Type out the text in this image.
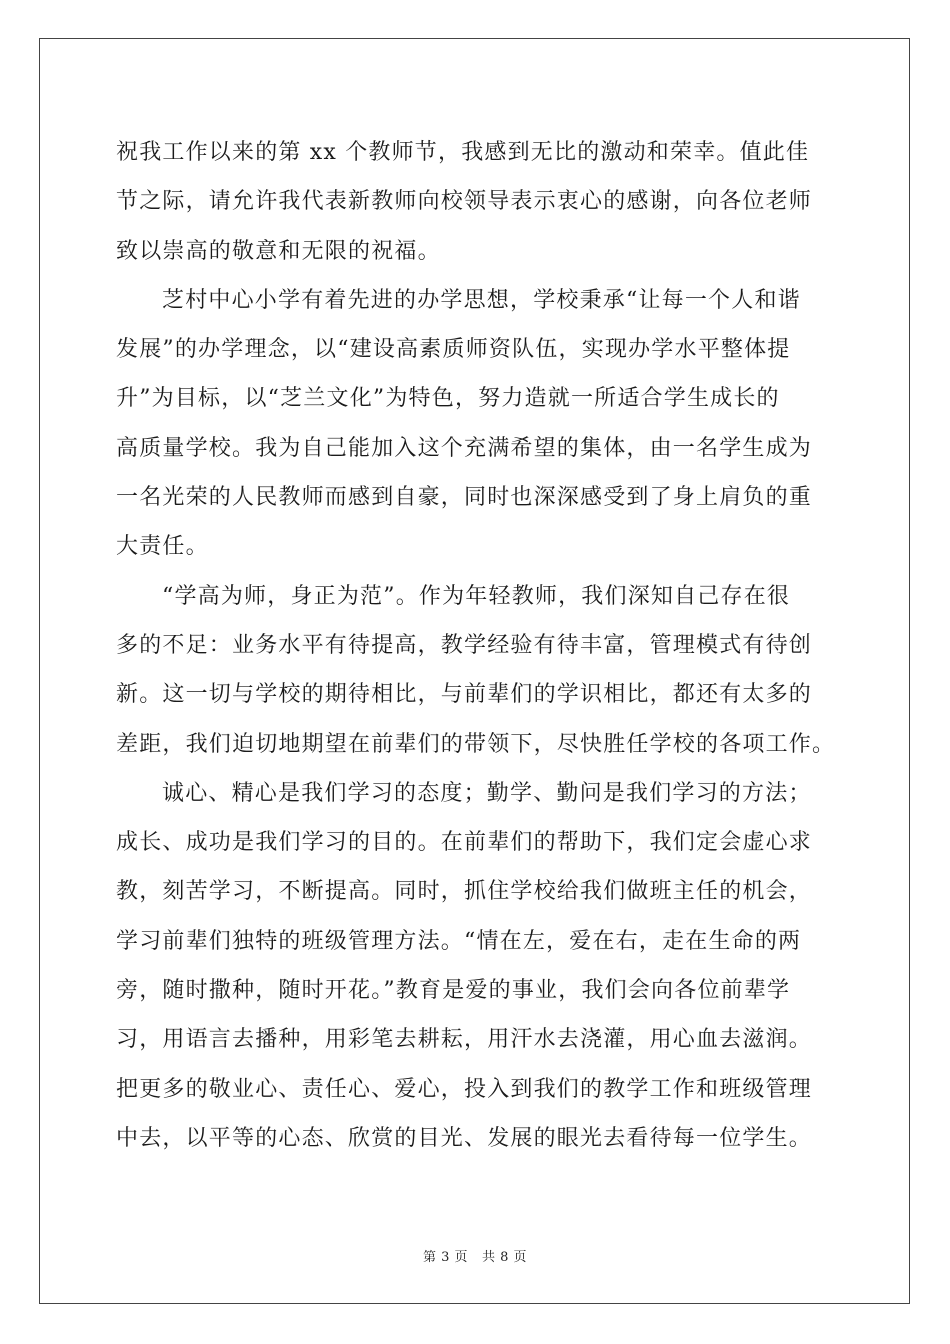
祝我工作以来的第 xx 个教师节，我感到无比的激动和荣幸。值此佳
节之际，请允许我代表新教师向校领导表示衷心的感谢，向各位老师
致以崇高的敬意和无限的祝福。
芝村中心小学有着先进的办学思想，学校秉承“让每一个人和谐
发展”的办学理念，以“建设高素质师资队伍，实现办学水平整体提
升”为目标，以“芝兰文化”为特色，努力造就一所适合学生成长的
高质量学校。我为自己能加入这个充满希望的集体，由一名学生成为
一名光荣的人民教师而感到自豪，同时也深深感受到了身上肩负的重
大责任。
“学高为师，身正为范”。作为年轻教师，我们深知自己存在很
多的不足：业务水平有待提高，教学经验有待丰富，管理模式有待创
新。这一切与学校的期待相比，与前辈们的学识相比，都还有太多的
差距，我们迫切地期望在前辈们的带领下，尽快胜任学校的各项工作。
诚心、精心是我们学习的态度；勤学、勤问是我们学习的方法；
成长、成功是我们学习的目的。在前辈们的帮助下，我们定会虚心求
教，刻苦学习，不断提高。同时，抓住学校给我们做班主任的机会，
学习前辈们独特的班级管理方法。“情在左，爱在右，走在生命的两
旁，随时撒种，随时开花。”教育是爱的事业，我们会向各位前辈学
习，用语言去播种，用彩笔去耕耘，用汗水去浇灌，用心血去滋润。
把更多的敬业心、责任心、爱心，投入到我们的教学工作和班级管理
中去，以平等的心态、欣赏的目光、发展的眼光去看待每一位学生。
第 3 页 共 8 页
